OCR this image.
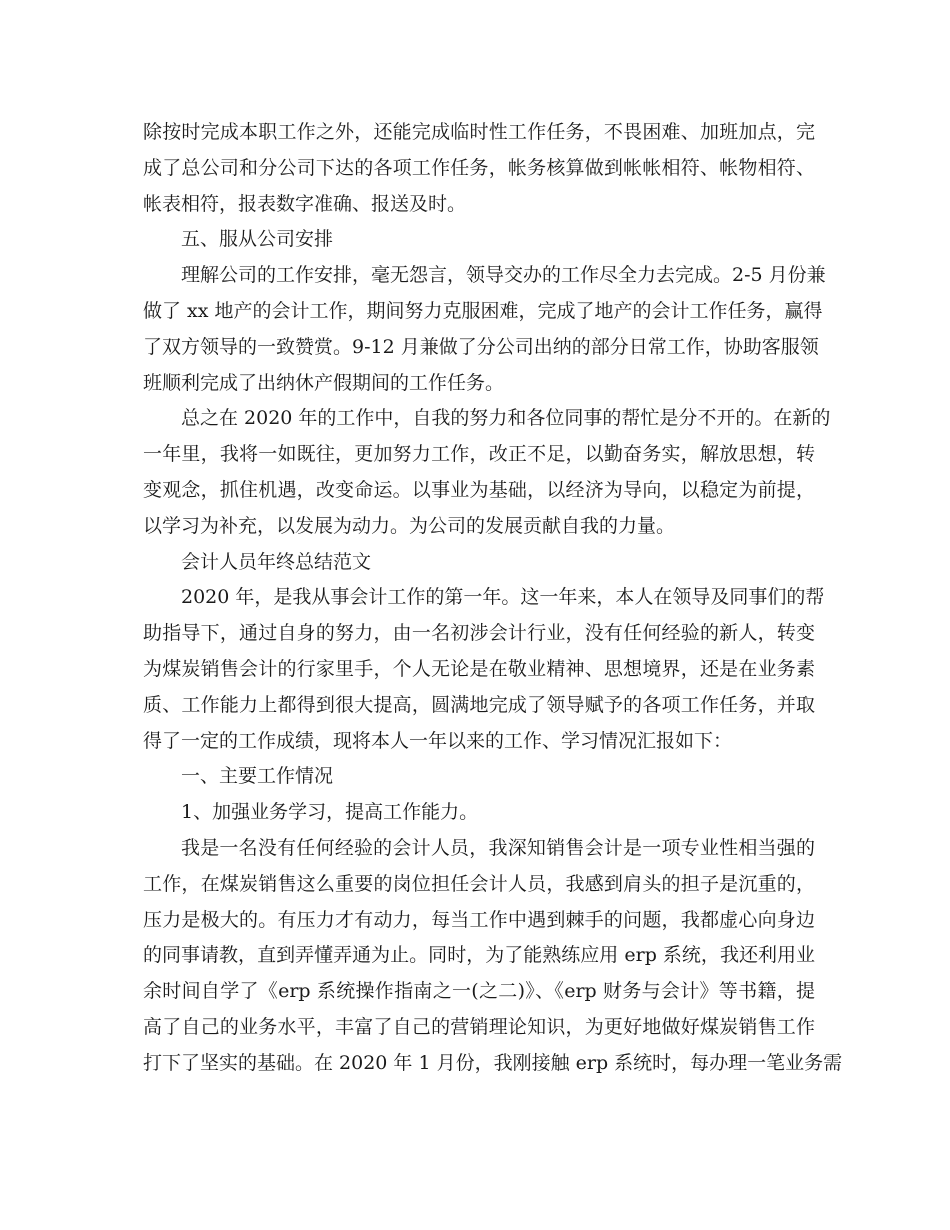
除按时完成本职工作之外，还能完成临时性工作任务，不畏困难、加班加点，完
成了总公司和分公司下达的各项工作任务，帐务核算做到帐帐相符、帐物相符、
帐表相符，报表数字准确、报送及时。
五、服从公司安排
理解公司的工作安排，毫无怨言，领导交办的工作尽全力去完成。2-5 月份兼
做了 xx 地产的会计工作，期间努力克服困难，完成了地产的会计工作任务，赢得
了双方领导的一致赞赏。9-12 月兼做了分公司出纳的部分日常工作，协助客服领
班顺利完成了出纳休产假期间的工作任务。
总之在 2020 年的工作中，自我的努力和各位同事的帮忙是分不开的。在新的
一年里，我将一如既往，更加努力工作，改正不足，以勤奋务实，解放思想，转
变观念，抓住机遇，改变命运。以事业为基础，以经济为导向，以稳定为前提，
以学习为补充，以发展为动力。为公司的发展贡献自我的力量。
会计人员年终总结范文
2020 年，是我从事会计工作的第一年。这一年来，本人在领导及同事们的帮
助指导下，通过自身的努力，由一名初涉会计行业，没有任何经验的新人，转变
为煤炭销售会计的行家里手，个人无论是在敬业精神、思想境界，还是在业务素
质、工作能力上都得到很大提高，圆满地完成了领导赋予的各项工作任务，并取
得了一定的工作成绩，现将本人一年以来的工作、学习情况汇报如下：
一、主要工作情况
1、加强业务学习，提高工作能力。
我是一名没有任何经验的会计人员，我深知销售会计是一项专业性相当强的
工作，在煤炭销售这么重要的岗位担任会计人员，我感到肩头的担子是沉重的，
压力是极大的。有压力才有动力，每当工作中遇到棘手的问题，我都虚心向身边
的同事请教，直到弄懂弄通为止。同时，为了能熟练应用 erp 系统，我还利用业
余时间自学了《erp 系统操作指南之一(之二)》、《erp 财务与会计》等书籍，提
高了自己的业务水平，丰富了自己的营销理论知识，为更好地做好煤炭销售工作
打下了坚实的基础。在 2020 年 1 月份，我刚接触 erp 系统时，每办理一笔业务需
